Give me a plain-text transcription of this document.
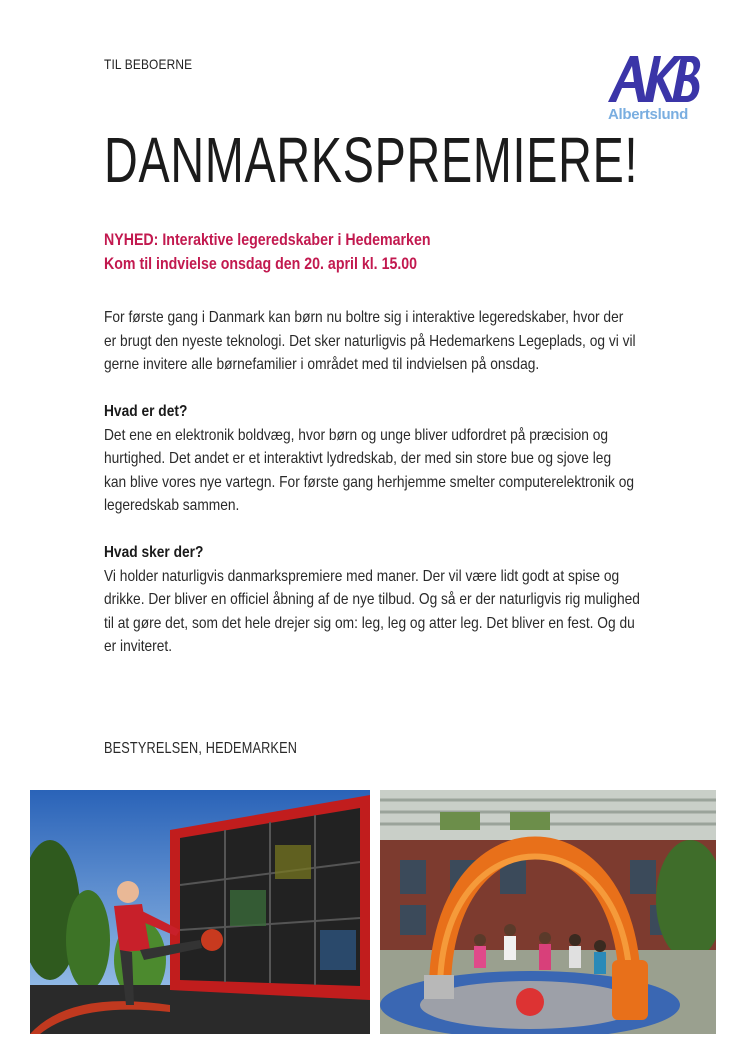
TIL BEBOERNE
Albertslund
DANMARKSPREMIERE!
NYHED: Interaktive legeredskaber i Hedemarken
Kom til indvielse onsdag den 20. april kl. 15.00

For første gang i Danmark kan børn nu boltre sig i interaktive legeredskaber, hvor der

er brugt den nyeste teknologi. Det sker naturligvis på Hedemarkens Legeplads, og vi vil

gerne invitere alle børnefamilier i området med til indvielsen på onsdag.

Hvad er det?

Det ene en elektronik boldvæg, hvor børn og unge bliver udfordret på præcision og

hurtighed. Det andet er et interaktivt lydredskab, der med sin store bue og sjove leg

kan blive vores nye vartegn. For første gang herhjemme smelter computerelektronik og

legeredskab sammen.

Hvad sker der?

Vi holder naturligvis danmarkspremiere med maner. Der vil være lidt godt at spise og

drikke. Der bliver en officiel åbning af de nye tilbud. Og så er der naturligvis rig mulighed

til at gøre det, som det hele drejer sig om: leg, leg og atter leg. Det bliver en fest. Og du

er inviteret.

BESTYRELSEN, HEDEMARKEN
